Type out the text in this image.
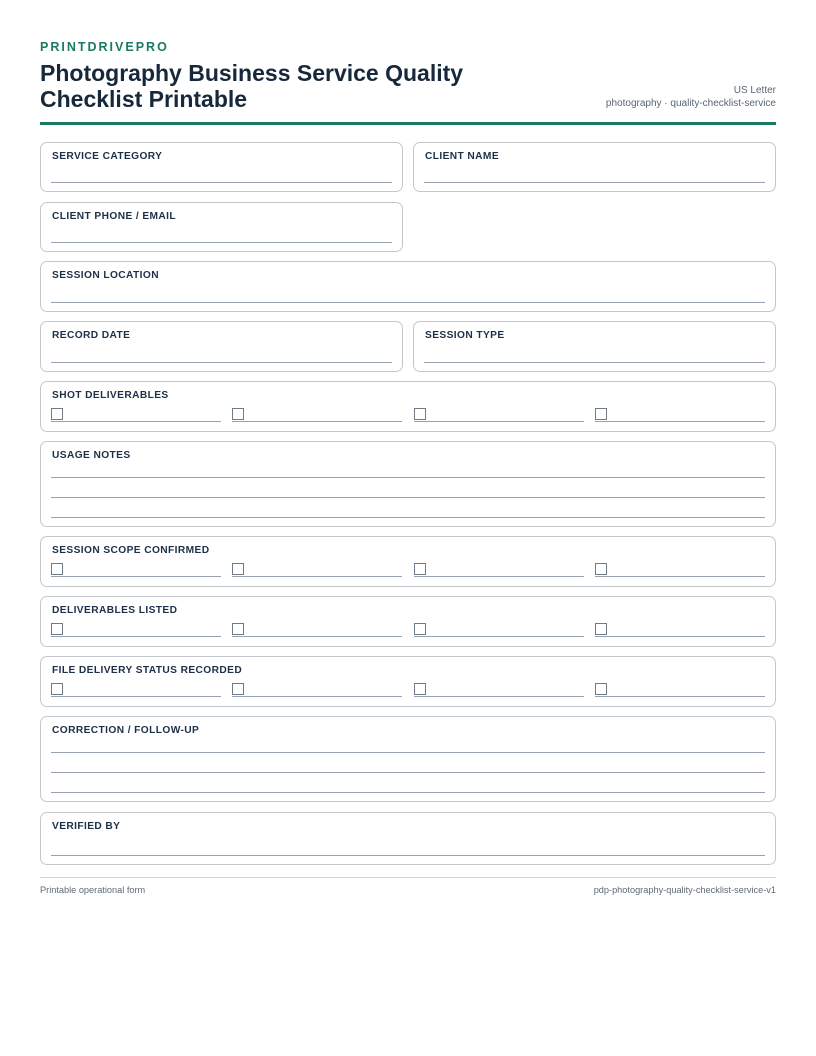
PRINTDRIVEPRO

Photography Business Service Quality Checklist Printable	US Letter
photography · quality-checklist-service
SERVICE CATEGORY	CLIENT NAME
CLIENT PHONE / EMAIL
SESSION LOCATION
RECORD DATE	SESSION TYPE
SHOT DELIVERABLES
USAGE NOTES
SESSION SCOPE CONFIRMED
DELIVERABLES LISTED
FILE DELIVERY STATUS RECORDED
CORRECTION / FOLLOW-UP
VERIFIED BY
Printable operational form	pdp-photography-quality-checklist-service-v1
